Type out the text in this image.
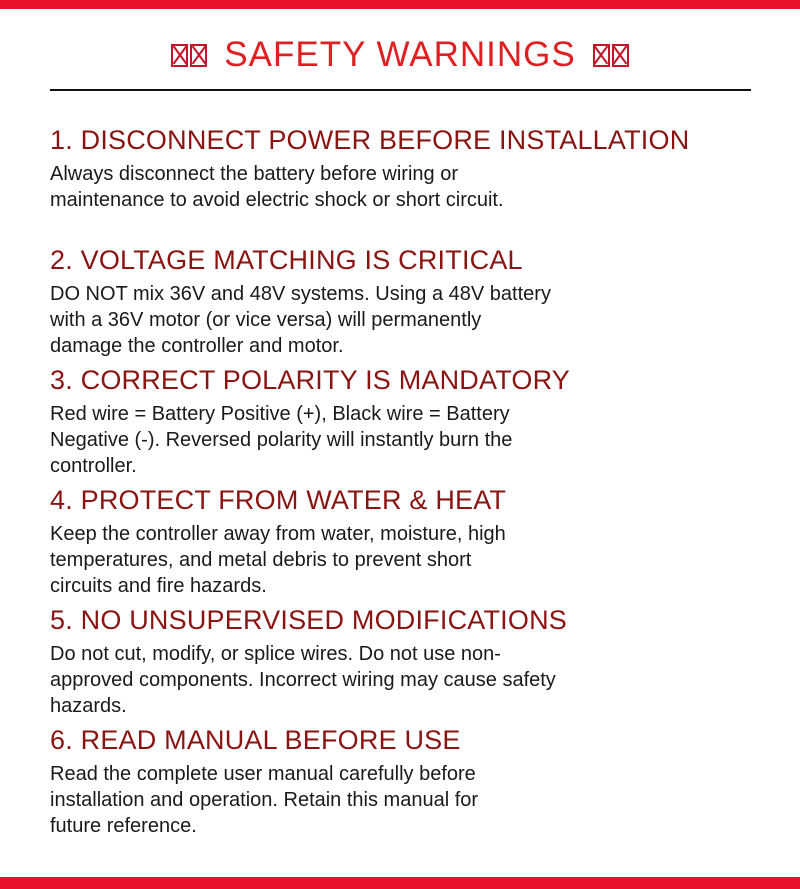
SAFETY WARNINGS
1. DISCONNECT POWER BEFORE INSTALLATION
Always disconnect the battery before wiring or
maintenance to avoid electric shock or short circuit.
2. VOLTAGE MATCHING IS CRITICAL
DO NOT mix 36V and 48V systems. Using a 48V battery
with a 36V motor (or vice versa) will permanently
damage the controller and motor.
3. CORRECT POLARITY IS MANDATORY
Red wire = Battery Positive (+), Black wire = Battery
Negative (-). Reversed polarity will instantly burn the
controller.
4. PROTECT FROM WATER & HEAT
Keep the controller away from water, moisture, high
temperatures, and metal debris to prevent short
circuits and fire hazards.
5. NO UNSUPERVISED MODIFICATIONS
Do not cut, modify, or splice wires. Do not use non-
approved components. Incorrect wiring may cause safety
hazards.
6. READ MANUAL BEFORE USE
Read the complete user manual carefully before
installation and operation. Retain this manual for
future reference.
